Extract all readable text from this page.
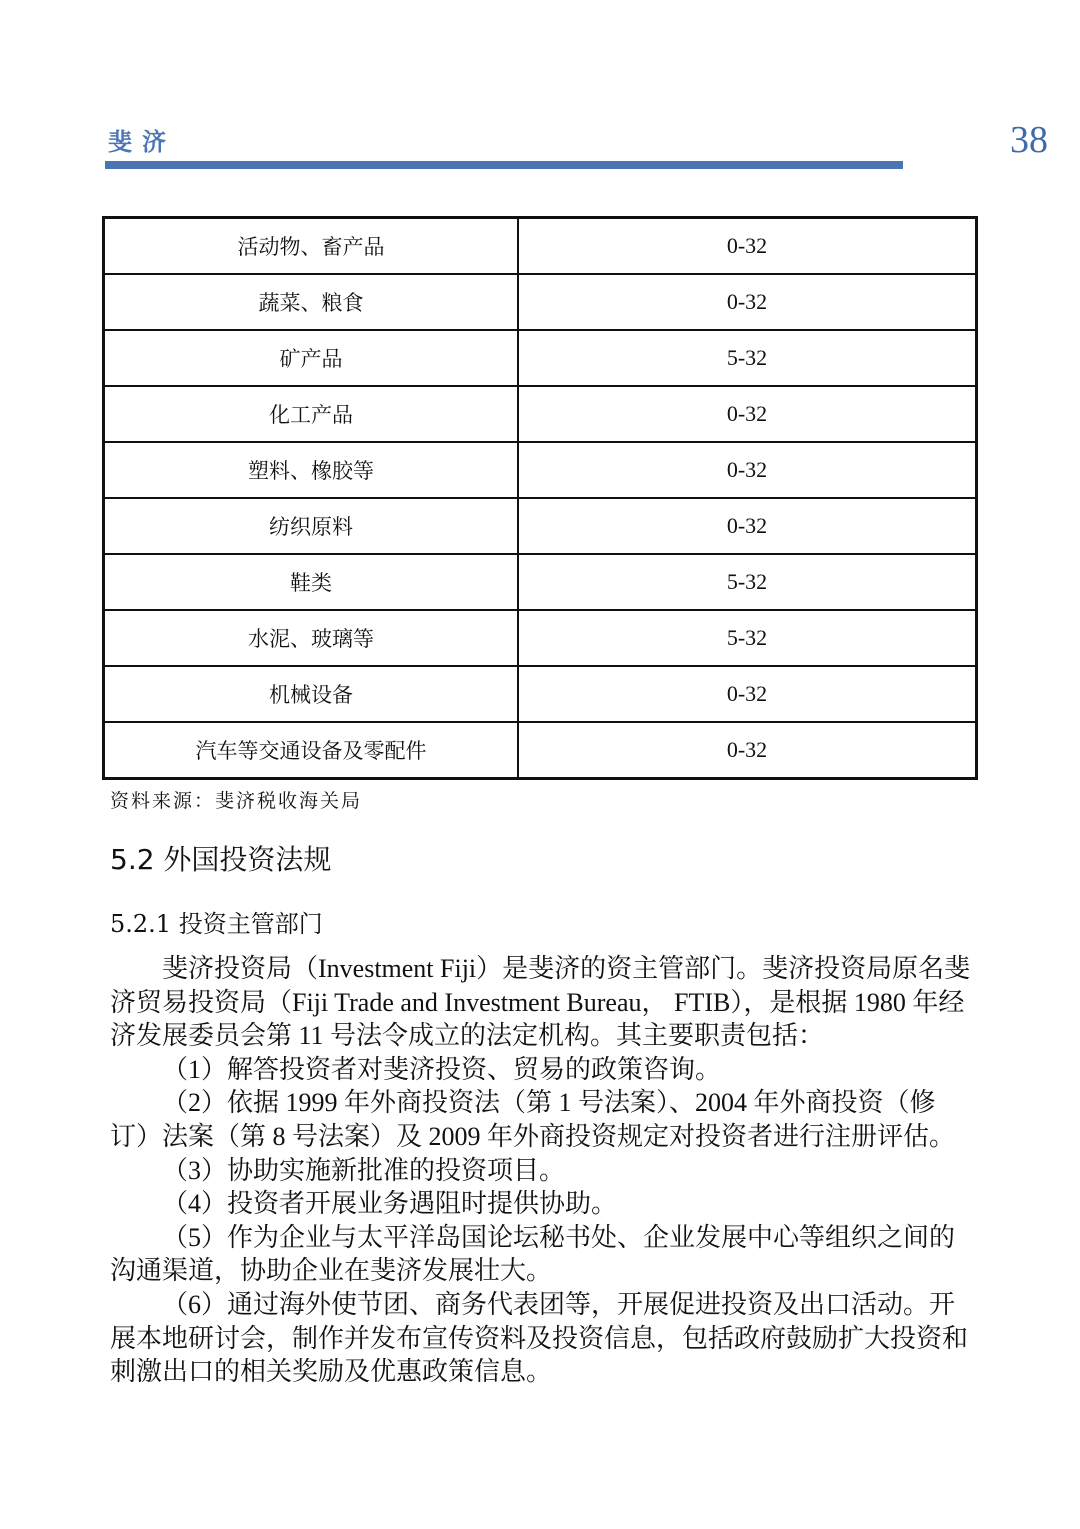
斐济	38
活动物、畜产品	0-32
蔬菜、粮食	0-32
矿产品	5-32
化工产品	0-32
塑料、橡胶等	0-32
纺织原料	0-32
鞋类	5-32
水泥、玻璃等	5-32
机械设备	0-32
汽车等交通设备及零配件	0-32
资料来源：斐济税收海关局
5.2 外国投资法规
5.2.1 投资主管部门

斐济投资局（Investment Fiji）是斐济的资主管部门。斐济投资局原名斐济贸易投资局（Fiji Trade and Investment Bureau， FTIB），是根据 1980 年经济发展委员会第 11 号法令成立的法定机构。其主要职责包括：

（1）解答投资者对斐济投资、贸易的政策咨询。

（2）依据 1999 年外商投资法（第 1 号法案）、2004 年外商投资（修订）法案（第 8 号法案）及 2009 年外商投资规定对投资者进行注册评估。

（3）协助实施新批准的投资项目。

（4）投资者开展业务遇阻时提供协助。

（5）作为企业与太平洋岛国论坛秘书处、企业发展中心等组织之间的沟通渠道，协助企业在斐济发展壮大。

（6）通过海外使节团、商务代表团等，开展促进投资及出口活动。开展本地研讨会，制作并发布宣传资料及投资信息，包括政府鼓励扩大投资和刺激出口的相关奖励及优惠政策信息。
